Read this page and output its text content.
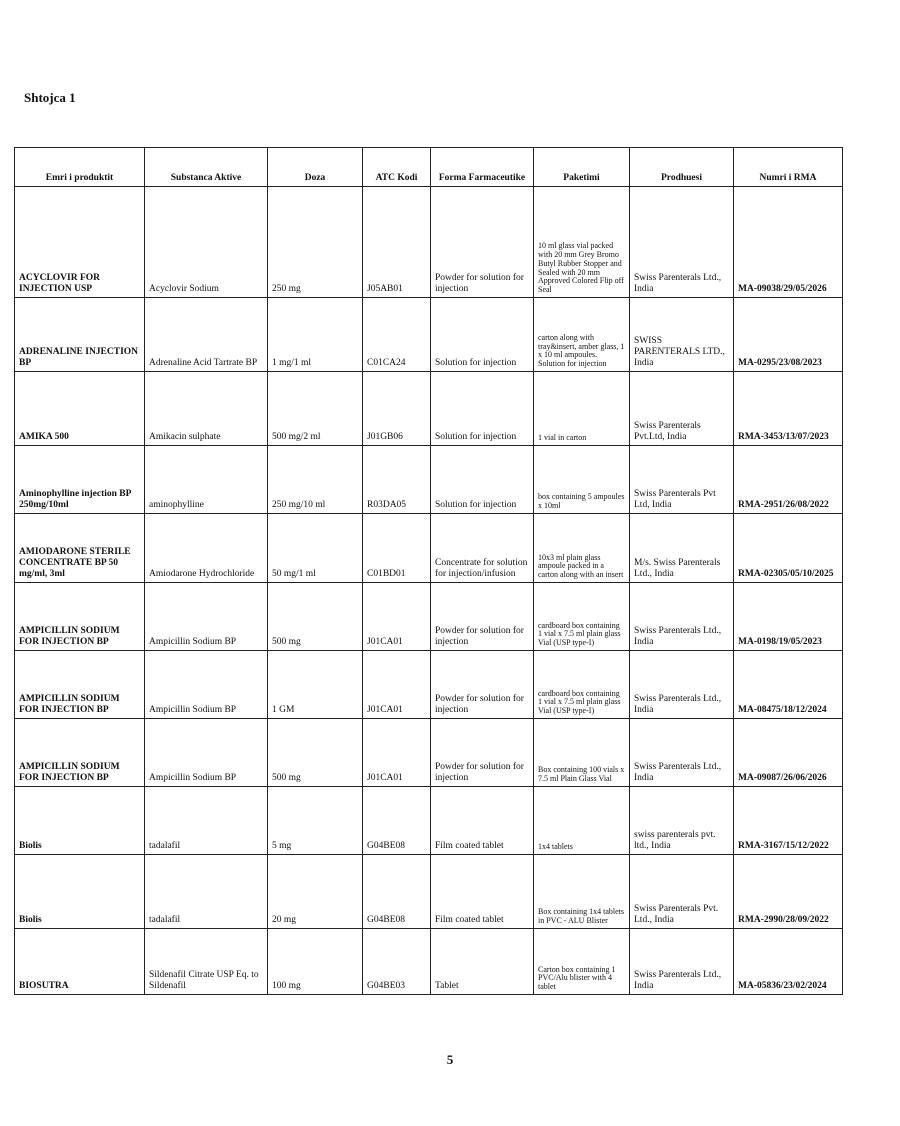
Shtojca 1
Emri i produktit	Substanca Aktive	Doza	ATC Kodi	Forma Farmaceutike	Paketimi	Prodhuesi	Numri i RMA
ACYCLOVIR FOR INJECTION USP	Acyclovir Sodium	250 mg	J05AB01	Powder for solution for injection	10 ml glass vial packed with 20 mm Grey Bromo Butyl Rubber Stopper and Sealed with 20 mm Approved Colored Flip off Seal	Swiss Parenterals Ltd., India	MA-09038/29/05/2026
ADRENALINE INJECTION BP	Adrenaline Acid Tartrate BP	1 mg/1 ml	C01CA24	Solution for injection	carton along with tray&insert, amber glass, 1 x 10 ml ampoules. Solution for injection	SWISS PARENTERALS LTD., India	MA-0295/23/08/2023
AMIKA 500	Amikacin sulphate	500 mg/2 ml	J01GB06	Solution for injection	1 vial in carton	Swiss Parenterals Pvt.Ltd, India	RMA-3453/13/07/2023
Aminophylline injection BP 250mg/10ml	aminophylline	250 mg/10 ml	R03DA05	Solution for injection	box containing 5 ampoules x 10ml	Swiss Parenterals Pvt Ltd, India	RMA-2951/26/08/2022
AMIODARONE STERILE CONCENTRATE BP 50 mg/ml, 3ml	Amiodarone Hydrochloride	50 mg/1 ml	C01BD01	Concentrate for solution for injection/infusion	10x3 ml plain glass ampoule packed in a carton along with an insert	M/s. Swiss Parenterals Ltd., India	RMA-02305/05/10/2025
AMPICILLIN SODIUM FOR INJECTION BP	Ampicillin Sodium BP	500 mg	J01CA01	Powder for solution for injection	cardboard box containing 1 vial x 7.5 ml plain glass Vial (USP type-I)	Swiss Parenterals Ltd., India	MA-0198/19/05/2023
AMPICILLIN SODIUM FOR INJECTION BP	Ampicillin Sodium BP	1 GM	J01CA01	Powder for solution for injection	cardboard box containing 1 vial x 7.5 ml plain glass Vial (USP type-I)	Swiss Parenterals Ltd., India	MA-08475/18/12/2024
AMPICILLIN SODIUM FOR INJECTION BP	Ampicillin Sodium BP	500 mg	J01CA01	Powder for solution for injection	Box containing 100 vials x 7.5 ml Plain Glass Vial	Swiss Parenterals Ltd., India	MA-09087/26/06/2026
Biolis	tadalafil	5 mg	G04BE08	Film coated tablet	1x4 tablets	swiss parenterals pvt. ltd., India	RMA-3167/15/12/2022
Biolis	tadalafil	20 mg	G04BE08	Film coated tablet	Box containing 1x4 tablets in PVC - ALU Blister	Swiss Parenterals Pvt. Ltd., India	RMA-2990/28/09/2022
BIOSUTRA	Sildenafil Citrate USP Eq. to Sildenafil	100 mg	G04BE03	Tablet	Carton box containing 1 PVC/Alu blister with 4 tablet	Swiss Parenterals Ltd., India	MA-05836/23/02/2024
5
